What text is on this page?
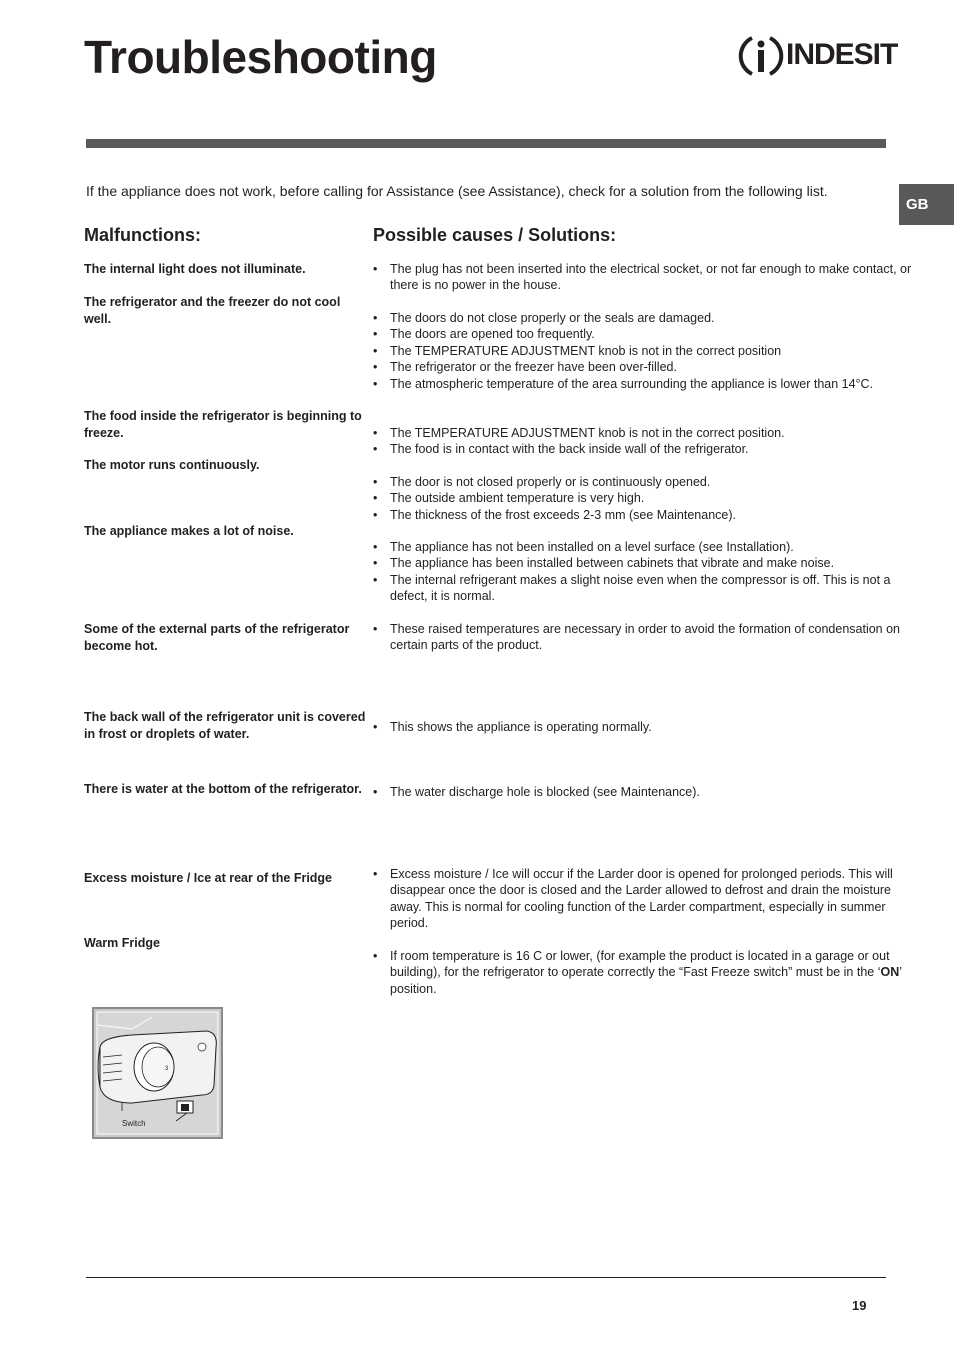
Troubleshooting	INDESIT

If the appliance does not work, before calling for Assistance (see Assistance), check for a solution from the following list.

GB
Malfunctions:	Possible causes / Solutions:

The internal light does not illuminate.

The refrigerator and the freezer do not cool well.

The food inside the refrigerator is beginning to freeze.

The motor runs continuously.

The appliance makes a lot of noise.

Some of the external parts of the refrigerator become hot.

The back wall of the refrigerator unit is covered in frost or droplets of water.

There is water at the bottom of the refrigerator.

Excess moisture / Ice at rear of the Fridge

Warm Fridge

• The plug has not been inserted into the electrical socket, or not far enough to make contact, or there is no power in the house.
• The doors do not close properly or the seals are damaged.
• The doors are opened too frequently.
• The TEMPERATURE ADJUSTMENT knob is not in the correct position
• The refrigerator or the freezer have been over-filled.
• The atmospheric temperature of the area surrounding the appliance is lower than 14°C.
• The TEMPERATURE ADJUSTMENT knob is not in the correct position.
• The food is in contact with the back inside wall of the refrigerator.
• The door is not closed properly or is continuously opened.
• The outside ambient temperature is very high.
• The thickness of the frost exceeds 2-3 mm (see Maintenance).
• The appliance has not been installed on a level surface (see Installation).
• The appliance has been installed between cabinets that vibrate and make noise.
• The internal refrigerant makes a slight noise even when the compressor is off. This is not a defect, it is normal.
• These raised temperatures are necessary in order to avoid the formation of condensation on certain parts of the product.
• This shows the appliance is operating normally.
• The water discharge hole is blocked (see Maintenance).
• Excess moisture / Ice will occur if the Larder door is opened for prolonged periods. This will disappear once the door is closed and the Larder allowed to defrost and drain the moisture away. This is normal for cooling function of the Larder compartment, especially in summer period.
• If room temperature is 16 C or lower, (for example the product is located in a garage or out building), for the refrigerator to operate correctly the “Fast Freeze switch” must be in the ‘ON’ position.
3
Switch
19
